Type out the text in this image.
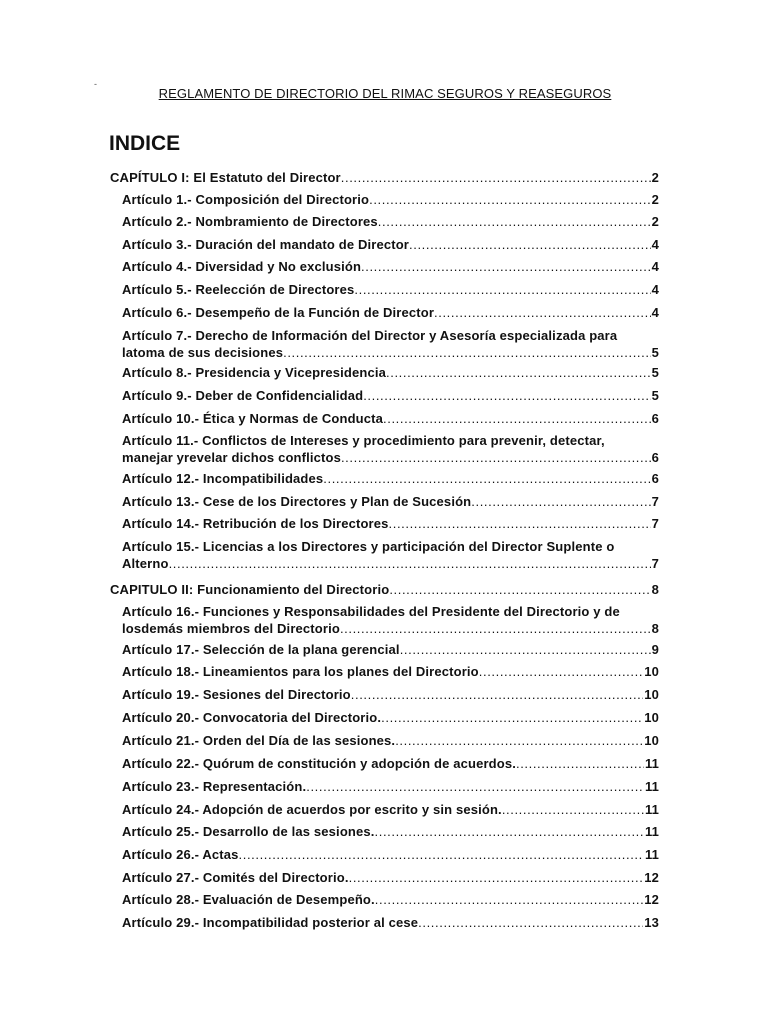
-
REGLAMENTO DE DIRECTORIO DEL RIMAC SEGUROS Y REASEGUROS
INDICE
CAPÍTULO I: El Estatuto del Director .....	2
Artículo 1.- Composición del Directorio .....	2
Artículo 2.- Nombramiento de Directores .....	2
Artículo 3.- Duración del mandato de Director .....	4
Artículo 4.- Diversidad y No exclusión .....	4
Artículo 5.- Reelección de Directores .....	4
Artículo 6.- Desempeño de la Función de Director .....	4
Artículo 7.- Derecho de Información del Director y Asesoría especializada para
latoma de sus decisiones .....	5
Artículo 8.- Presidencia y Vicepresidencia .....	5
Artículo 9.- Deber de Confidencialidad .....	5
Artículo 10.- Ética y Normas de Conducta .....	6
Artículo 11.- Conflictos de Intereses y procedimiento para prevenir, detectar,
manejar yrevelar dichos conflictos .....	6
Artículo 12.- Incompatibilidades .....	6
Artículo 13.- Cese de los Directores y Plan de Sucesión .....	7
Artículo 14.- Retribución de los Directores .....	7
Artículo 15.- Licencias a los Directores y participación del Director Suplente o
Alterno .....	7
CAPITULO II: Funcionamiento del Directorio .....	8
Artículo 16.- Funciones y Responsabilidades del Presidente del Directorio y de
losdemás miembros del Directorio .....	8
Artículo 17.- Selección de la plana gerencial .....	9
Artículo 18.- Lineamientos para los planes del Directorio .....	10
Artículo 19.- Sesiones del Directorio .....	10
Artículo 20.- Convocatoria del Directorio. .....	10
Artículo 21.- Orden del Día de las sesiones. .....	10
Artículo 22.- Quórum de constitución y adopción de acuerdos. .....	11
Artículo 23.- Representación. .....	11
Artículo 24.- Adopción de acuerdos por escrito y sin sesión. .....	11
Artículo 25.- Desarrollo de las sesiones. .....	11
Artículo 26.- Actas .....	11
Artículo 27.- Comités del Directorio. .....	12
Artículo 28.- Evaluación de Desempeño. .....	12
Artículo 29.- Incompatibilidad posterior al cese .....	13
